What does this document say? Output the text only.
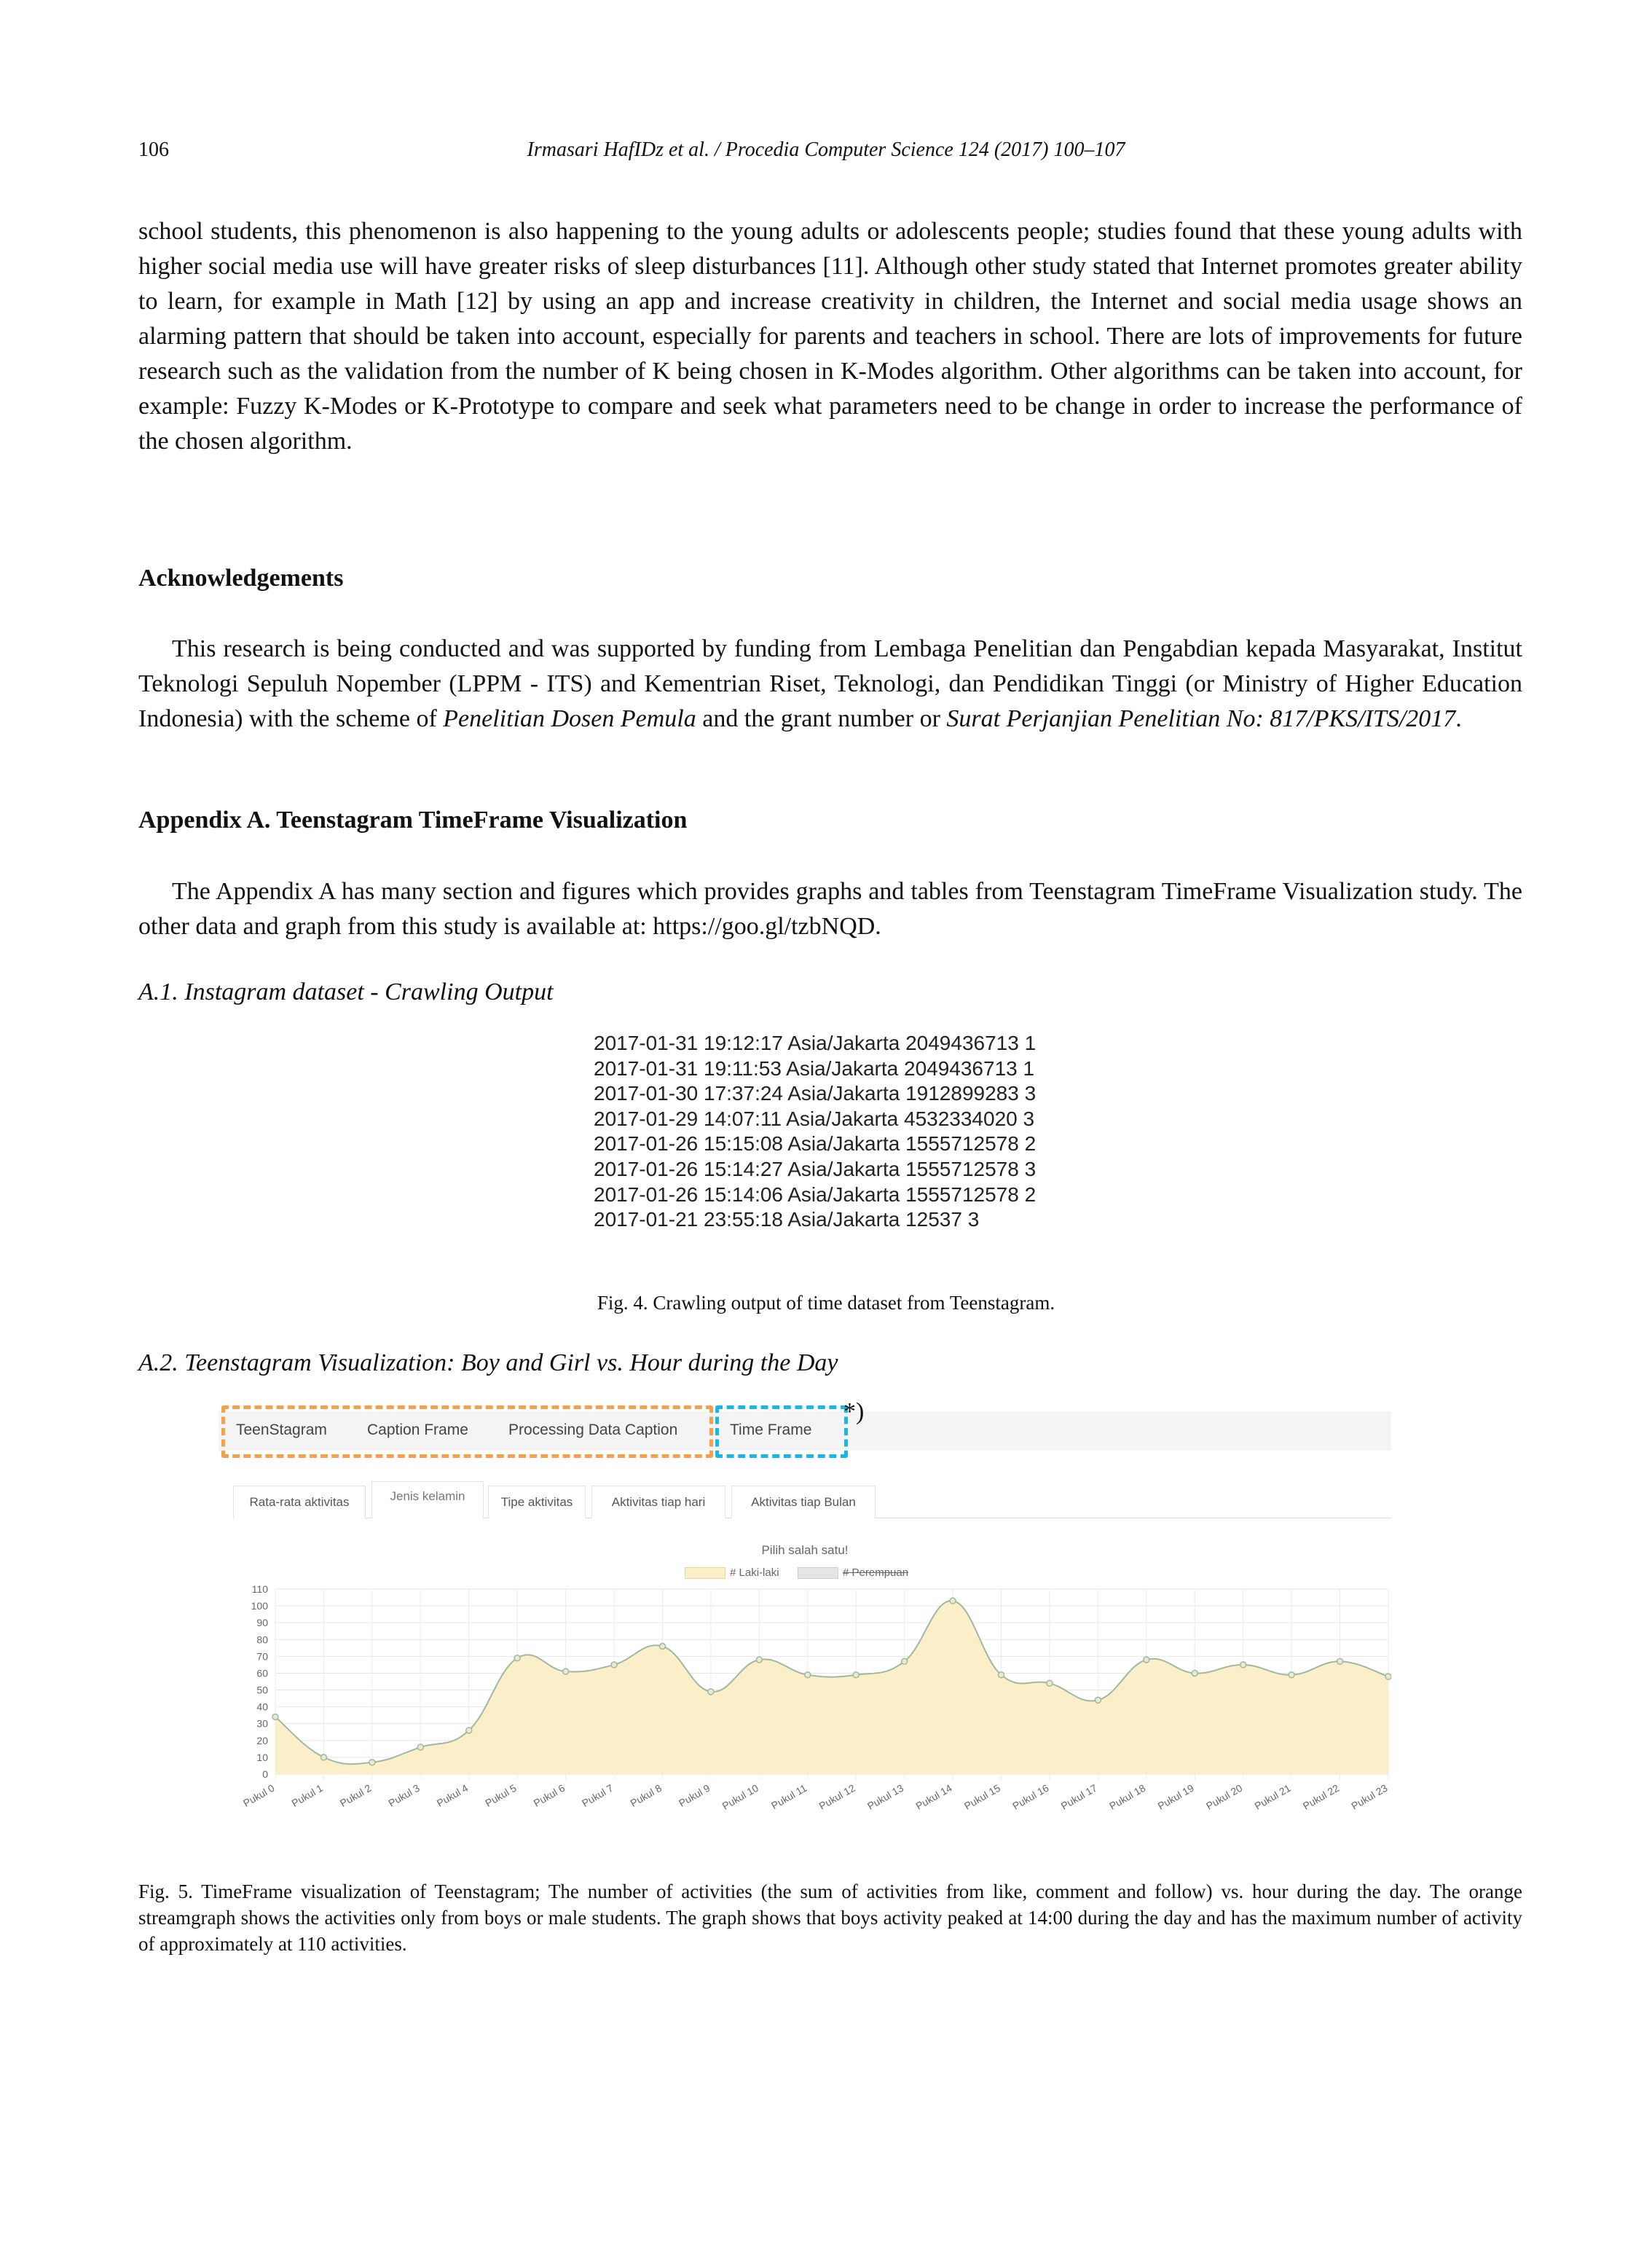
106	Irmasari HafIDz et al. / Procedia Computer Science 124 (2017) 100–107
school students, this phenomenon is also happening to the young adults or adolescents people; studies found that these young adults with higher social media use will have greater risks of sleep disturbances [11]. Although other study stated that Internet promotes greater ability to learn, for example in Math [12] by using an app and increase creativity in children, the Internet and social media usage shows an alarming pattern that should be taken into account, especially for parents and teachers in school. There are lots of improvements for future research such as the validation from the number of K being chosen in K-Modes algorithm. Other algorithms can be taken into account, for example: Fuzzy K-Modes or K-Prototype to compare and seek what parameters need to be change in order to increase the performance of the chosen algorithm.
Acknowledgements
This research is being conducted and was supported by funding from Lembaga Penelitian dan Pengabdian kepada Masyarakat, Institut Teknologi Sepuluh Nopember (LPPM - ITS) and Kementrian Riset, Teknologi, dan Pendidikan Tinggi (or Ministry of Higher Education Indonesia) with the scheme of Penelitian Dosen Pemula and the grant number or Surat Perjanjian Penelitian No: 817/PKS/ITS/2017.
Appendix A. Teenstagram TimeFrame Visualization
The Appendix A has many section and figures which provides graphs and tables from Teenstagram TimeFrame Visualization study. The other data and graph from this study is available at: https://goo.gl/tzbNQD.
A.1. Instagram dataset - Crawling Output
2017-01-31 19:12:17 Asia/Jakarta 2049436713 1
2017-01-31 19:11:53 Asia/Jakarta 2049436713 1
2017-01-30 17:37:24 Asia/Jakarta 1912899283 3
2017-01-29 14:07:11 Asia/Jakarta 4532334020 3
2017-01-26 15:15:08 Asia/Jakarta 1555712578 2
2017-01-26 15:14:27 Asia/Jakarta 1555712578 3
2017-01-26 15:14:06 Asia/Jakarta 1555712578 2
2017-01-21 23:55:18 Asia/Jakarta 12537 3
Fig. 4. Crawling output of time dataset from Teenstagram.
A.2. Teenstagram Visualization: Boy and Girl vs. Hour during the Day
TeenStagram	Caption Frame	Processing Data Caption	Time Frame
*)
Rata-rata aktivitas	Jenis kelamin	Tipe aktivitas	Aktivitas tiap hari	Aktivitas tiap Bulan
Pilih salah satu!
# Laki-laki	# Perempuan
0
10
20
30
40
50
60
70
80
90
100
110
Pukul 0 Pukul 1 Pukul 2 Pukul 3 Pukul 4 Pukul 5 Pukul 6 Pukul 7 Pukul 8 Pukul 9 Pukul 10 Pukul 11 Pukul 12 Pukul 13 Pukul 14 Pukul 15 Pukul 16 Pukul 17 Pukul 18 Pukul 19 Pukul 20 Pukul 21 Pukul 22 Pukul 23
Fig. 5. TimeFrame visualization of Teenstagram; The number of activities (the sum of activities from like, comment and follow) vs. hour during the day. The orange streamgraph shows the activities only from boys or male students. The graph shows that boys activity peaked at 14:00 during the day and has the maximum number of activity of approximately at 110 activities.
